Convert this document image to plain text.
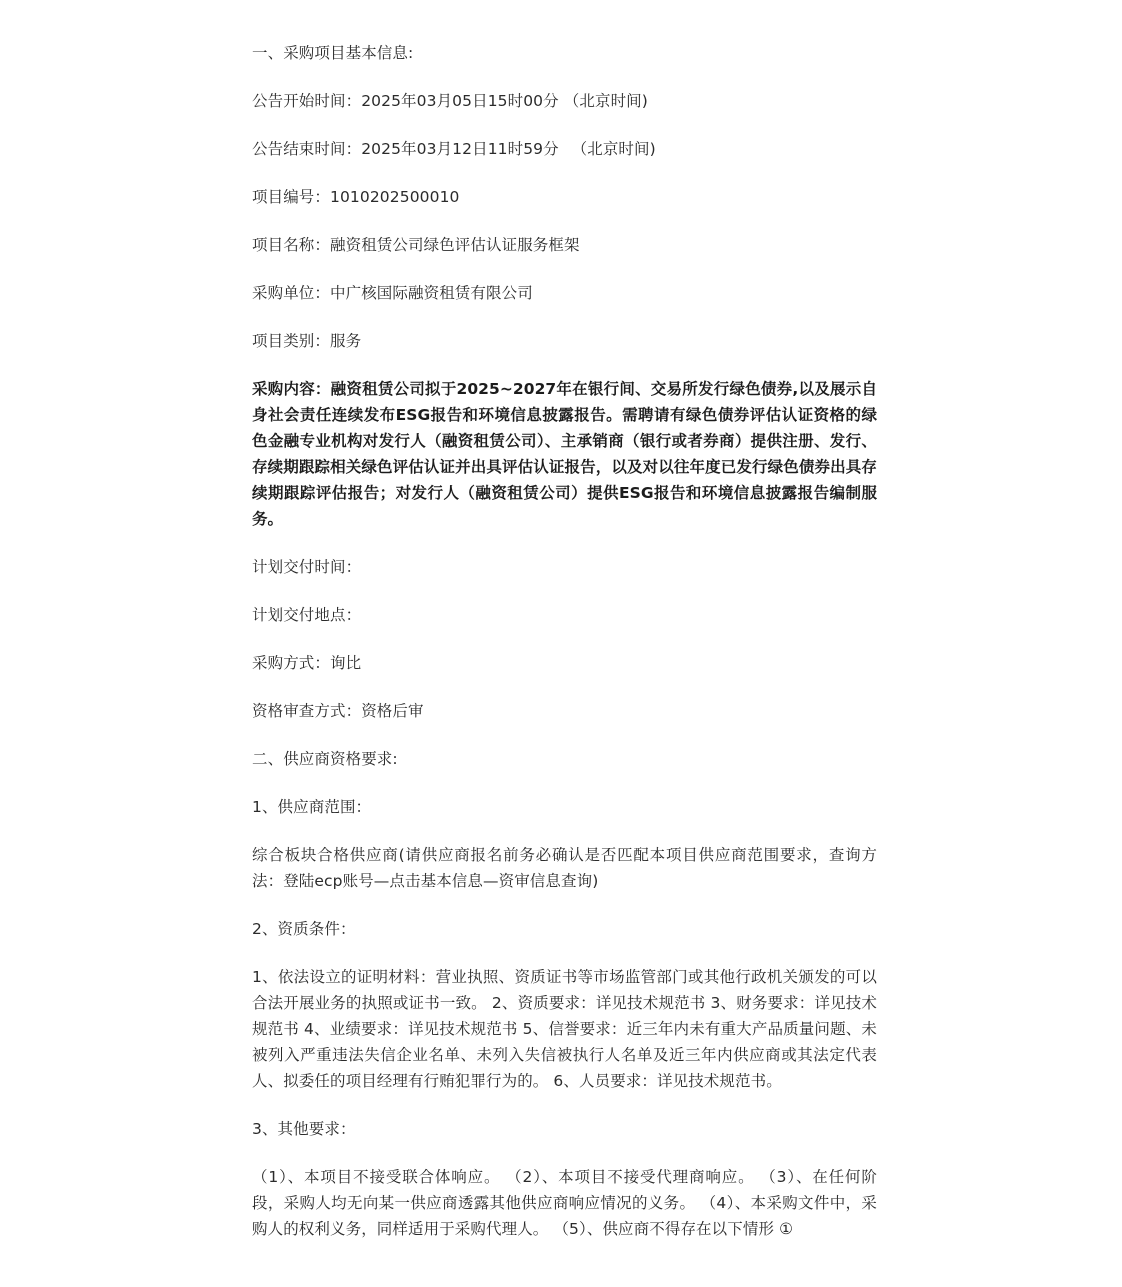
一、采购项目基本信息:

公告开始时间：2025年03月05日15时00分 （北京时间)

公告结束时间：2025年03月12日11时59分 　（北京时间)

项目编号：1010202500010

项目名称：融资租赁公司绿色评估认证服务框架

采购单位：中广核国际融资租赁有限公司

项目类别：服务

采购内容：融资租赁公司拟于2025~2027年在银行间、交易所发行绿色债券,以及展示自身社会责任连续发布ESG报告和环境信息披露报告。需聘请有绿色债券评估认证资格的绿色金融专业机构对发行人（融资租赁公司）、主承销商（银行或者券商）提供注册、发行、存续期跟踪相关绿色评估认证并出具评估认证报告，以及对以往年度已发行绿色债券出具存续期跟踪评估报告；对发行人（融资租赁公司）提供ESG报告和环境信息披露报告编制服务。

计划交付时间：

计划交付地点：

采购方式：询比

资格审查方式：资格后审

二、供应商资格要求:

1、供应商范围：

综合板块合格供应商(请供应商报名前务必确认是否匹配本项目供应商范围要求，查询方法：登陆ecp账号—点击基本信息—资审信息查询)

2、资质条件：

1、依法设立的证明材料：营业执照、资质证书等市场监管部门或其他行政机关颁发的可以合法开展业务的执照或证书一致。 2、资质要求：详见技术规范书 3、财务要求：详见技术规范书 4、业绩要求：详见技术规范书 5、信誉要求：近三年内未有重大产品质量问题、未被列入严重违法失信企业名单、未列入失信被执行人名单及近三年内供应商或其法定代表人、拟委任的项目经理有行贿犯罪行为的。 6、人员要求：详见技术规范书。

3、其他要求：

（1）、本项目不接受联合体响应。 （2）、本项目不接受代理商响应。 （3）、在任何阶段，采购人均无向某一供应商透露其他供应商响应情况的义务。 （4）、本采购文件中，采购人的权利义务，同样适用于采购代理人。 （5）、供应商不得存在以下情形 ①
